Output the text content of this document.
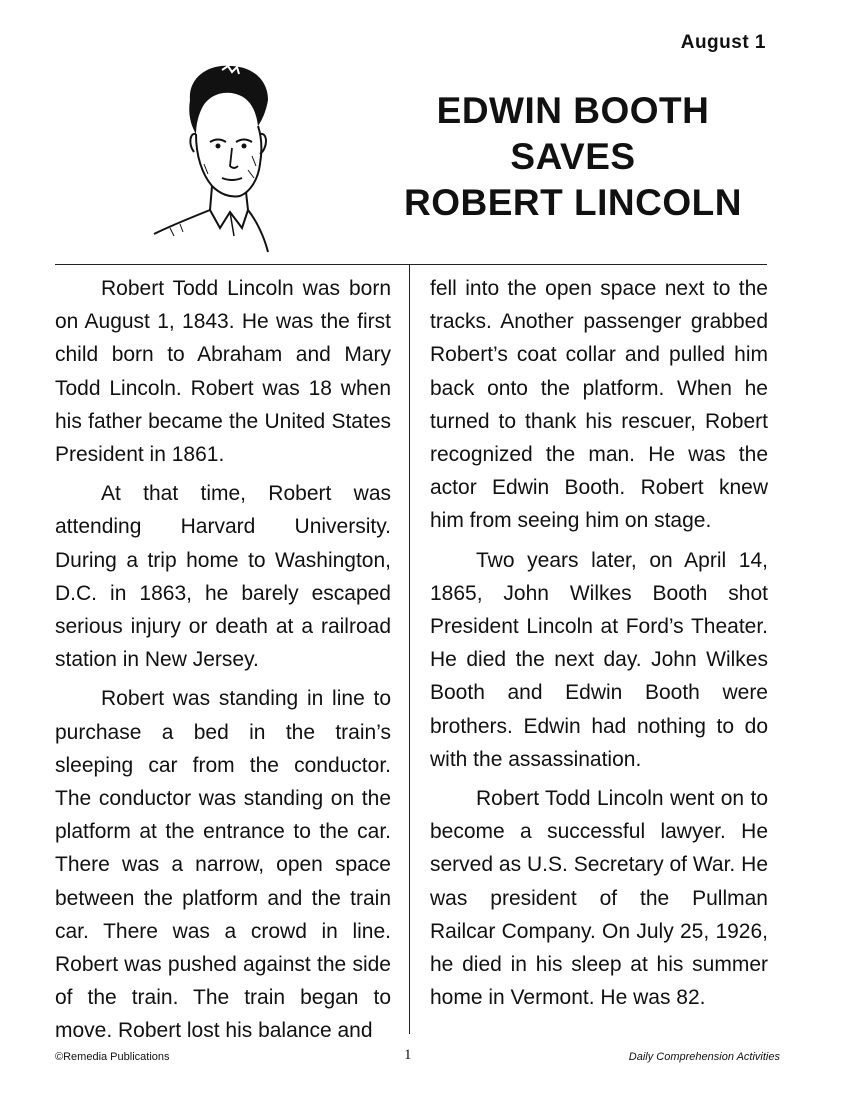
August 1
EDWIN BOOTH
SAVES
ROBERT LINCOLN

Robert Todd Lincoln was born on August 1, 1843. He was the first child born to Abraham and Mary Todd Lincoln. Robert was 18 when his father became the United States President in 1861.

At that time, Robert was attending Harvard University. During a trip home to Washington, D.C. in 1863, he barely escaped serious injury or death at a railroad station in New Jersey.

Robert was standing in line to purchase a bed in the train’s sleeping car from the conductor. The conductor was standing on the platform at the entrance to the car. There was a narrow, open space between the platform and the train car. There was a crowd in line. Robert was pushed against the side of the train. The train began to move. Robert lost his balance and

fell into the open space next to the tracks. Another passenger grabbed Robert’s coat collar and pulled him back onto the platform. When he turned to thank his rescuer, Robert recognized the man. He was the actor Edwin Booth. Robert knew him from seeing him on stage.

Two years later, on April 14, 1865, John Wilkes Booth shot President Lincoln at Ford’s Theater. He died the next day. John Wilkes Booth and Edwin Booth were brothers. Edwin had nothing to do with the assassination.

Robert Todd Lincoln went on to become a successful lawyer. He served as U.S. Secretary of War. He was president of the Pullman Railcar Company. On July 25, 1926, he died in his sleep at his summer home in Vermont. He was 82.

©Remedia Publications	1	Daily Comprehension Activities
